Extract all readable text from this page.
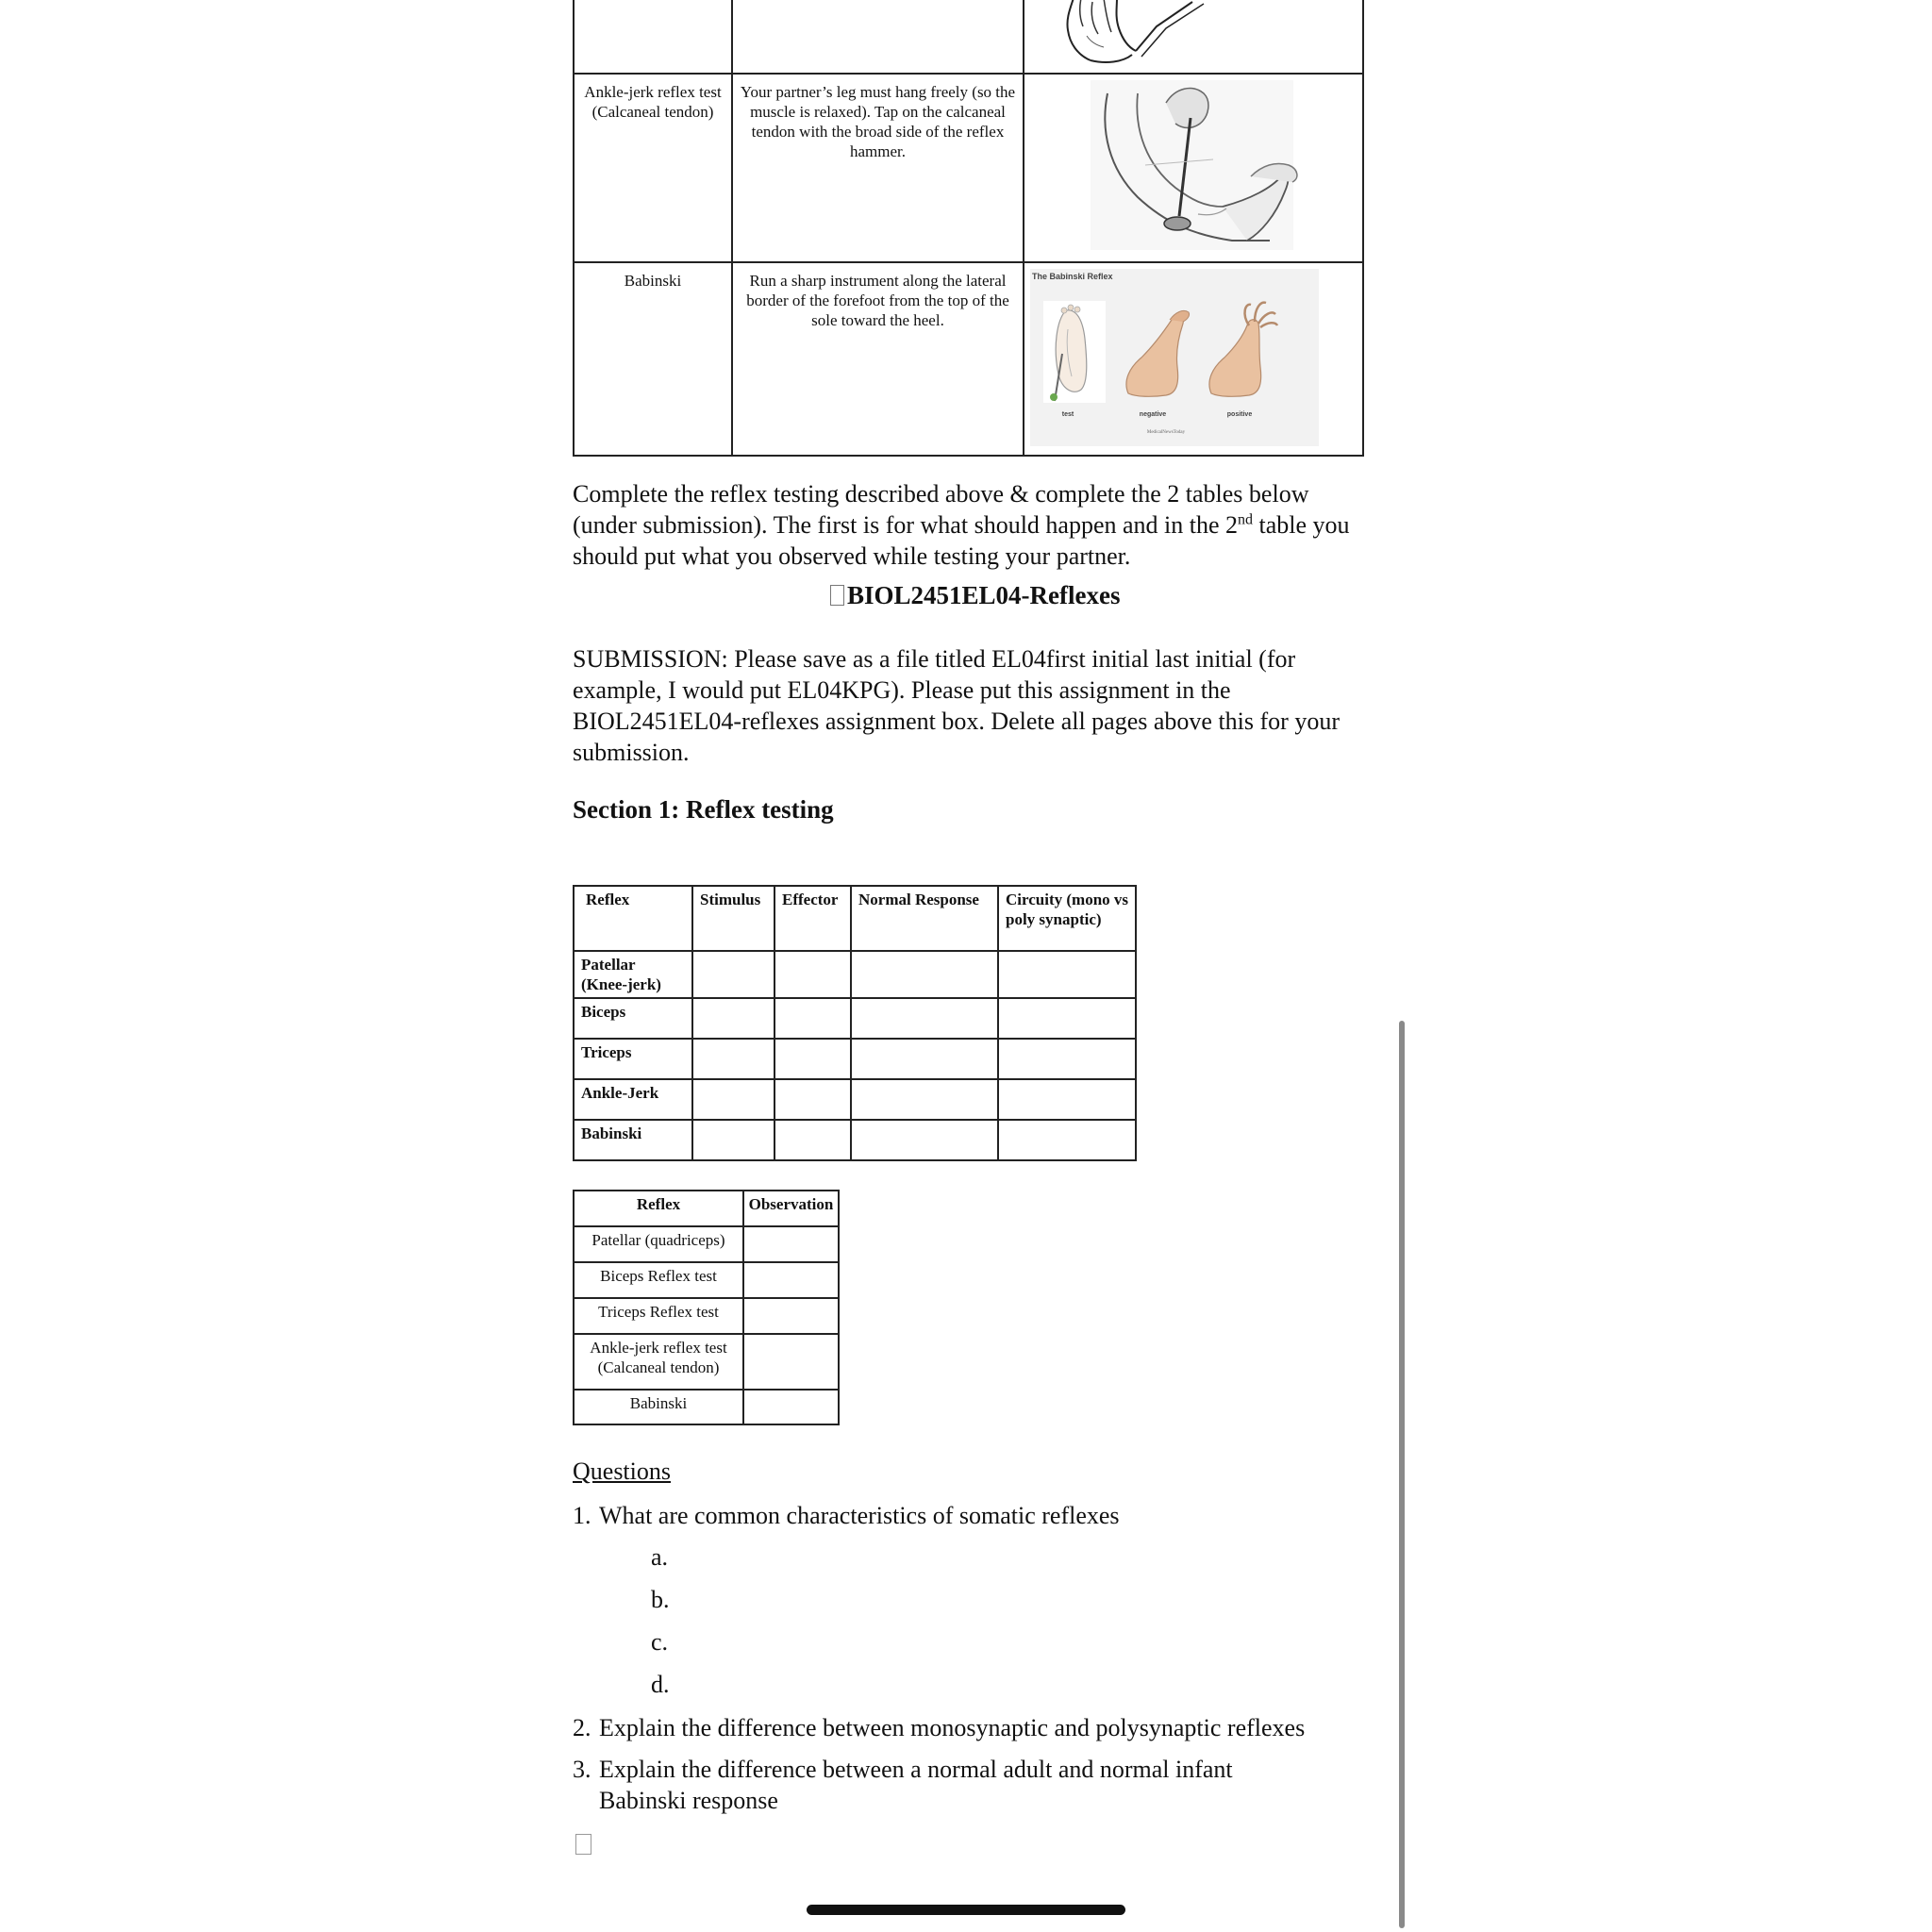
Ankle-jerk reflex test (Calcaneal tendon)	Your partner’s leg must hang freely (so the muscle is relaxed). Tap on the calcaneal tendon with the broad side of the reflex hammer.	
Babinski	Run a sharp instrument along the lateral border of the forefoot from the top of the sole toward the heel.	The Babinski Reflex
test negative positive
MedicalNewsToday
Complete the reflex testing described above & complete the 2 tables below (under submission). The first is for what should happen and in the 2nd table you should put what you observed while testing your partner.
BIOL2451EL04-Reflexes
SUBMISSION: Please save as a file titled EL04first initial last initial (for example, I would put EL04KPG). Please put this assignment in the BIOL2451EL04-reflexes assignment box. Delete all pages above this for your submission.
Section 1: Reflex testing
Reflex	Stimulus	Effector	Normal Response	Circuity (mono vs poly synaptic)
Patellar (Knee-jerk)				
Biceps				
Triceps				
Ankle-Jerk				
Babinski				
Reflex	Observation
Patellar (quadriceps)	
Biceps Reflex test	
Triceps Reflex test	
Ankle-jerk reflex test (Calcaneal tendon)	
Babinski	
Questions
1. What are common characteristics of somatic reflexes
a.
b.
c.
d.
2. Explain the difference between monosynaptic and polysynaptic reflexes
3. Explain the difference between a normal adult and normal infant
Babinski response
